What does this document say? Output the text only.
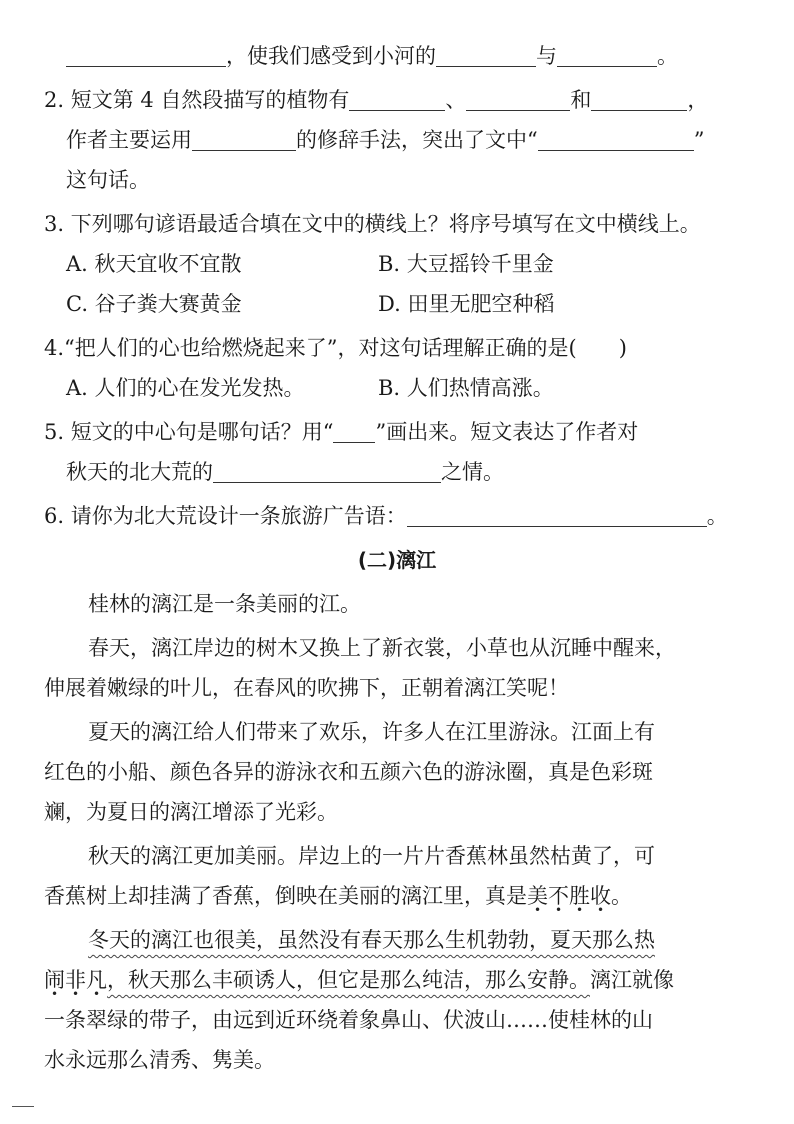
，使我们感受到小河的	与	。
2. 短文第 4 自然段描写的植物有	、	和	，
作者主要运用	的修辞手法，突出了文中“	”
这句话。
3. 下列哪句谚语最适合填在文中的横线上？将序号填写在文中横线上。
A. 秋天宜收不宜散	B. 大豆摇铃千里金
C. 谷子粪大赛黄金	D. 田里无肥空种稻
4.“把人们的心也给燃烧起来了”，对这句话理解正确的是(　　)
A. 人们的心在发光发热。	B. 人们热情高涨。
5. 短文的中心句是哪句话？用“ ”画出来。短文表达了作者对
秋天的北大荒的	之情。
6. 请你为北大荒设计一条旅游广告语：	。
(二)漓江
桂林的漓江是一条美丽的江。
春天，漓江岸边的树木又换上了新衣裳，小草也从沉睡中醒来，
伸展着嫩绿的叶儿，在春风的吹拂下，正朝着漓江笑呢！
夏天的漓江给人们带来了欢乐，许多人在江里游泳。江面上有
红色的小船、颜色各异的游泳衣和五颜六色的游泳圈，真是色彩斑
斓，为夏日的漓江增添了光彩。
秋天的漓江更加美丽。岸边上的一片片香蕉林虽然枯黄了，可
香蕉树上却挂满了香蕉，倒映在美丽的漓江里，真是美不胜收。
冬天的漓江也很美，虽然没有春天那么生机勃勃，夏天那么热
闹非凡，秋天那么丰硕诱人，但它是那么纯洁，那么安静。漓江就像
一条翠绿的带子，由远到近环绕着象鼻山、伏波山……使桂林的山
水永远那么清秀、隽美。
